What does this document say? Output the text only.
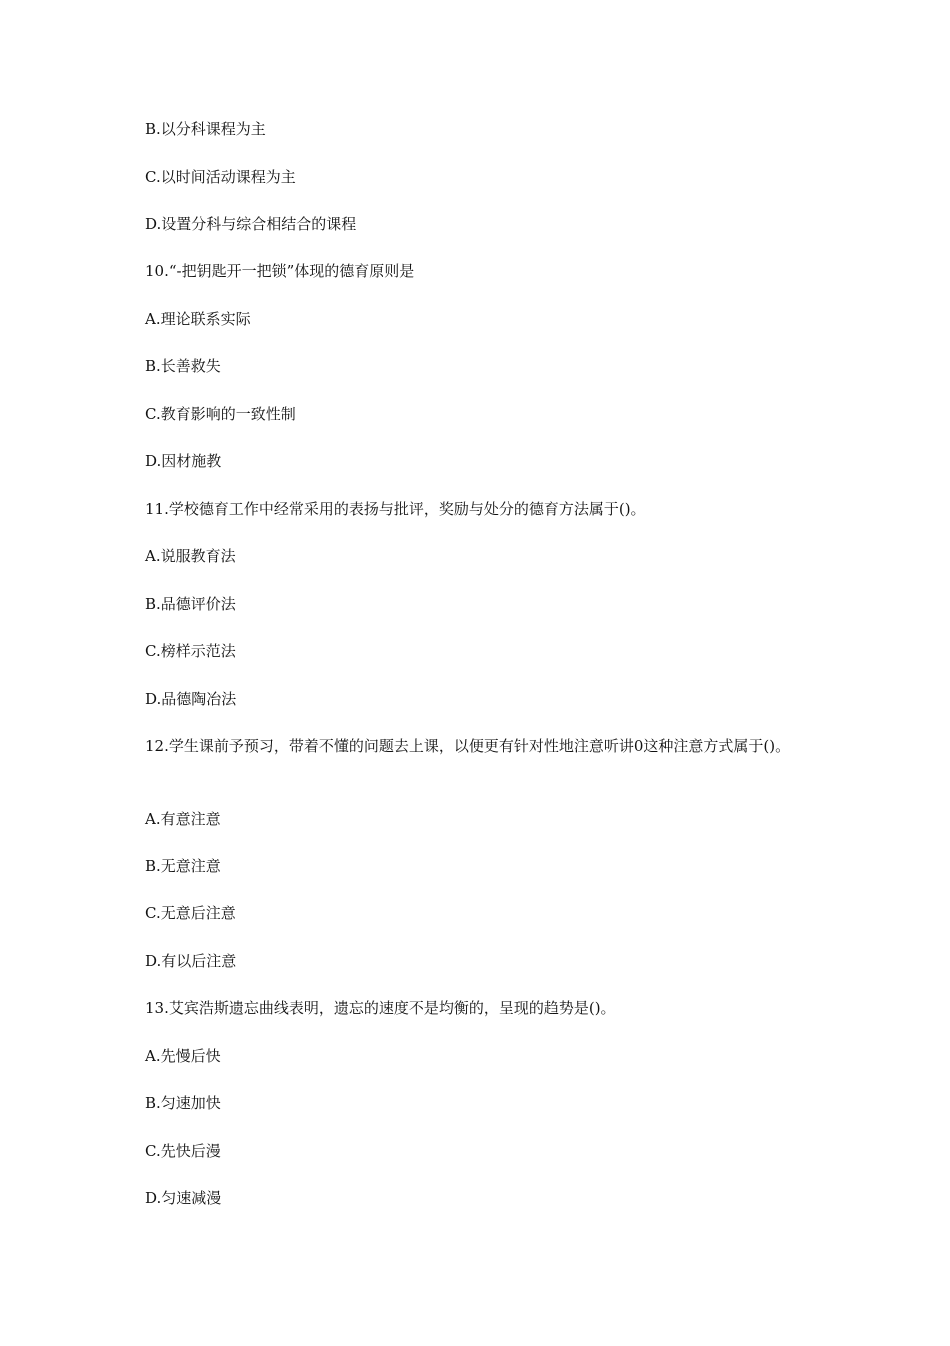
B.以分科课程为主
C.以时间活动课程为主
D.设置分科与综合相结合的课程
10.“-把钥匙开一把锁”体现的德育原则是
A.理论联系实际
B.长善救失
C.教育影响的一致性制
D.因材施教
11.学校德育工作中经常采用的表扬与批评，奖励与处分的德育方法属于()。
A.说服教育法
B.品德评价法
C.榜样示范法
D.品德陶冶法
12.学生课前予预习，带着不懂的问题去上课，以便更有针对性地注意听讲0这种注意方式属于()。
A.有意注意
B.无意注意
C.无意后注意
D.有以后注意
13.艾宾浩斯遗忘曲线表明，遗忘的速度不是均衡的，呈现的趋势是()。
A.先慢后快
B.匀速加快
C.先快后漫
D.匀速减漫
